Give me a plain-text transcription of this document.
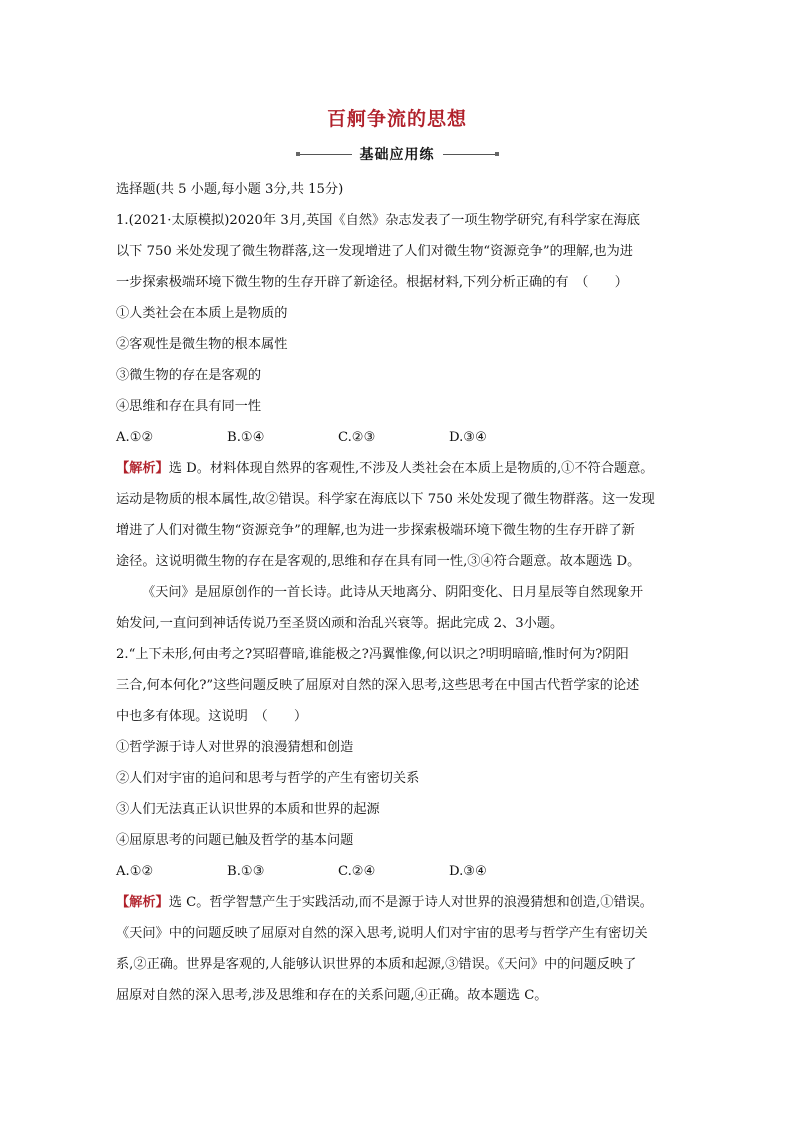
百舸争流的思想
基础应用练

选择题(共 5 小题,每小题 3分,共 15分)

1.(2021·太原模拟)2020年 3月,英国《自然》杂志发表了一项生物学研究,有科学家在海底

以下 750 米处发现了微生物群落,这一发现增进了人们对微生物“资源竞争”的理解,也为进

一步探索极端环境下微生物的生存开辟了新途径。根据材料,下列分析正确的有　（　　）

①人类社会在本质上是物质的

②客观性是微生物的根本属性

③微生物的存在是客观的

④思维和存在具有同一性

A.①②	B.①④	C.②③	D.③④

【解析】选 D。材料体现自然界的客观性,不涉及人类社会在本质上是物质的,①不符合题意。

运动是物质的根本属性,故②错误。科学家在海底以下 750 米处发现了微生物群落。这一发现

增进了人们对微生物“资源竞争”的理解,也为进一步探索极端环境下微生物的生存开辟了新

途径。这说明微生物的存在是客观的,思维和存在具有同一性,③④符合题意。故本题选 D。

《天问》是屈原创作的一首长诗。此诗从天地离分、阴阳变化、日月星辰等自然现象开

始发问,一直问到神话传说乃至圣贤凶顽和治乱兴衰等。据此完成 2、3小题。

2.“上下未形,何由考之?冥昭瞢暗,谁能极之?冯翼惟像,何以识之?明明暗暗,惟时何为?阴阳

三合,何本何化?”这些问题反映了屈原对自然的深入思考,这些思考在中国古代哲学家的论述

中也多有体现。这说明　（　　）

①哲学源于诗人对世界的浪漫猜想和创造

②人们对宇宙的追问和思考与哲学的产生有密切关系

③人们无法真正认识世界的本质和世界的起源

④屈原思考的问题已触及哲学的基本问题

A.①②	B.①③	C.②④	D.③④

【解析】选 C。哲学智慧产生于实践活动,而不是源于诗人对世界的浪漫猜想和创造,①错误。

《天问》中的问题反映了屈原对自然的深入思考,说明人们对宇宙的思考与哲学产生有密切关

系,②正确。世界是客观的,人能够认识世界的本质和起源,③错误。《天问》中的问题反映了

屈原对自然的深入思考,涉及思维和存在的关系问题,④正确。故本题选 C。
